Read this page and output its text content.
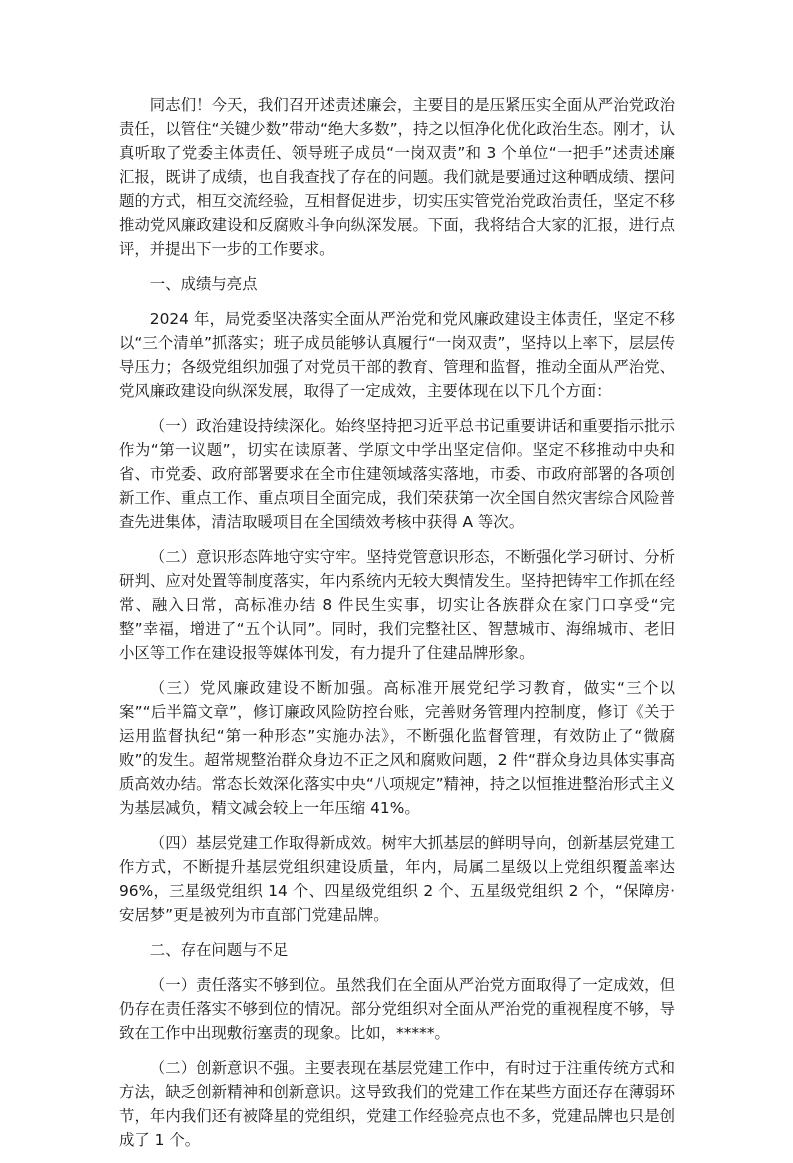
同志们！今天，我们召开述责述廉会，主要目的是压紧压实全面从严治党政治责任，以管住“关键少数”带动“绝大多数”，持之以恒净化优化政治生态。刚才，认真听取了党委主体责任、领导班子成员“一岗双责”和 3 个单位“一把手”述责述廉汇报，既讲了成绩，也自我查找了存在的问题。我们就是要通过这种晒成绩、摆问题的方式，相互交流经验，互相督促进步，切实压实管党治党政治责任，坚定不移推动党风廉政建设和反腐败斗争向纵深发展。下面，我将结合大家的汇报，进行点评，并提出下一步的工作要求。

一、成绩与亮点

2024 年，局党委坚决落实全面从严治党和党风廉政建设主体责任，坚定不移以“三个清单”抓落实；班子成员能够认真履行“一岗双责”，坚持以上率下，层层传导压力；各级党组织加强了对党员干部的教育、管理和监督，推动全面从严治党、党风廉政建设向纵深发展，取得了一定成效，主要体现在以下几个方面：

（一）政治建设持续深化。始终坚持把习近平总书记重要讲话和重要指示批示作为“第一议题”，切实在读原著、学原文中学出坚定信仰。坚定不移推动中央和省、市党委、政府部署要求在全市住建领域落实落地，市委、市政府部署的各项创新工作、重点工作、重点项目全面完成，我们荣获第一次全国自然灾害综合风险普查先进集体，清洁取暖项目在全国绩效考核中获得 A 等次。

（二）意识形态阵地守实守牢。坚持党管意识形态，不断强化学习研讨、分析研判、应对处置等制度落实，年内系统内无较大舆情发生。坚持把铸牢工作抓在经常、融入日常，高标准办结 8 件民生实事，切实让各族群众在家门口享受“完整”幸福，增进了“五个认同”。同时，我们完整社区、智慧城市、海绵城市、老旧小区等工作在建设报等媒体刊发，有力提升了住建品牌形象。

（三）党风廉政建设不断加强。高标准开展党纪学习教育，做实“三个以案”“后半篇文章”，修订廉政风险防控台账，完善财务管理内控制度，修订《关于运用监督执纪“第一种形态”实施办法》，不断强化监督管理，有效防止了“微腐败”的发生。超常规整治群众身边不正之风和腐败问题，2 件“群众身边具体实事高质高效办结。常态长效深化落实中央“八项规定”精神，持之以恒推进整治形式主义为基层减负，精文减会较上一年压缩 41%。

（四）基层党建工作取得新成效。树牢大抓基层的鲜明导向，创新基层党建工作方式，不断提升基层党组织建设质量，年内，局属二星级以上党组织覆盖率达 96%，三星级党组织 14 个、四星级党组织 2 个、五星级党组织 2 个，“保障房·安居梦”更是被列为市直部门党建品牌。

二、存在问题与不足

（一）责任落实不够到位。虽然我们在全面从严治党方面取得了一定成效，但仍存在责任落实不够到位的情况。部分党组织对全面从严治党的重视程度不够，导致在工作中出现敷衍塞责的现象。比如，*****。

（二）创新意识不强。主要表现在基层党建工作中，有时过于注重传统方式和方法，缺乏创新精神和创新意识。这导致我们的党建工作在某些方面还存在薄弱环节，年内我们还有被降星的党组织，党建工作经验亮点也不多，党建品牌也只是创成了 1 个。
